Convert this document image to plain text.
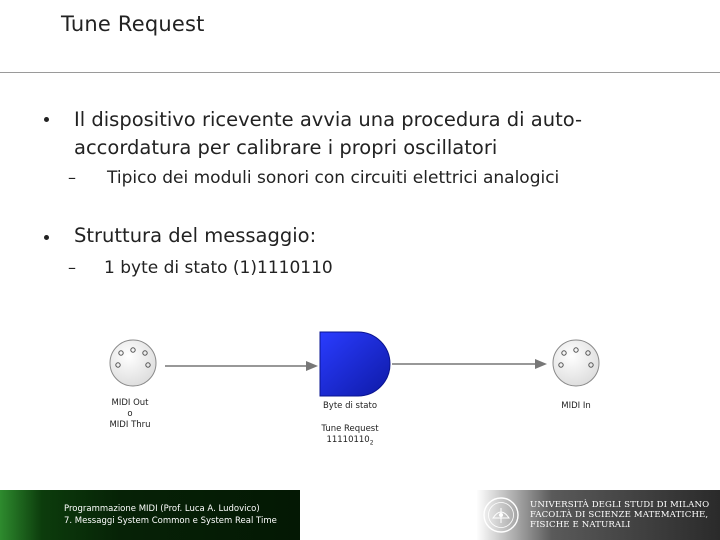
Tune Request
Il dispositivo ricevente avvia una procedura di auto-accordatura per calibrare i propri oscillatori
– Tipico dei moduli sonori con circuiti elettrici analogici
Struttura del messaggio:
– 1 byte di stato (1)1110110
MIDI Out
o
MIDI Thru
Byte di stato
Tune Request
$11110110_2$
MIDI In
Programmazione MIDI (Prof. Luca A. Ludovico)
7. Messaggi System Common e System Real Time
UNIVERSITÀ DEGLI STUDI DI MILANO
FACOLTÀ DI SCIENZE MATEMATICHE,
FISICHE E NATURALI
